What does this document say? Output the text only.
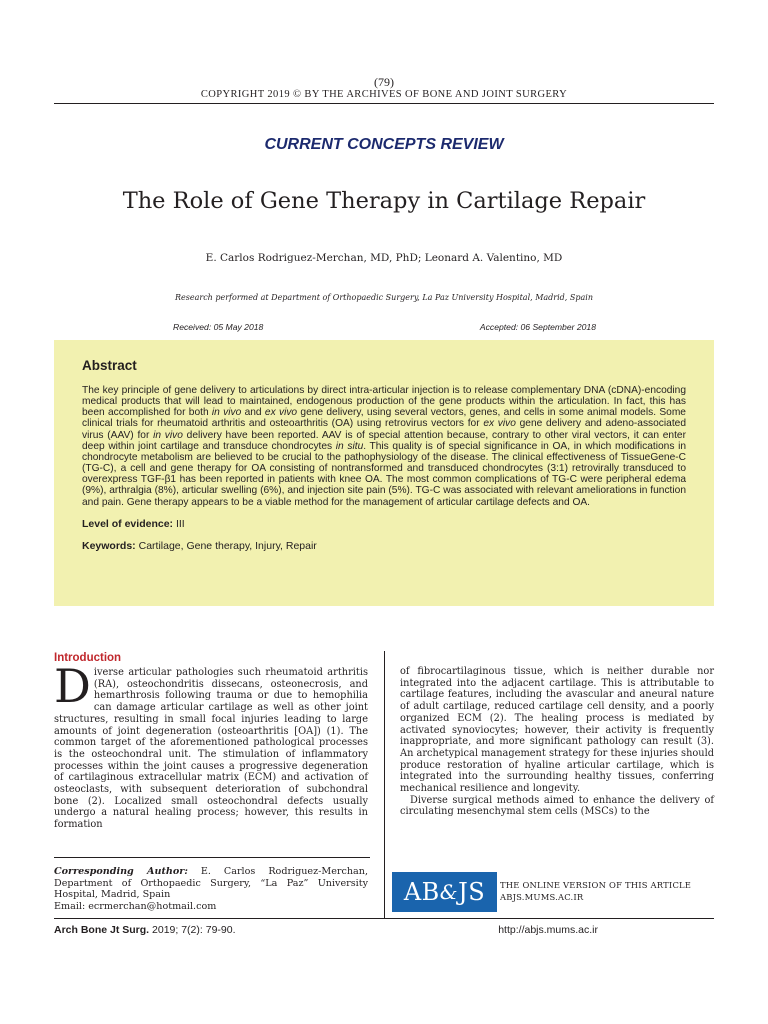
(79)
COPYRIGHT 2019 © BY THE ARCHIVES OF BONE AND JOINT SURGERY
CURRENT CONCEPTS REVIEW
The Role of Gene Therapy in Cartilage Repair
E. Carlos Rodriguez-Merchan, MD, PhD; Leonard A. Valentino, MD
Research performed at Department of Orthopaedic Surgery, La Paz University Hospital, Madrid, Spain
Received: 05 May 2018	Accepted: 06 September 2018
Abstract

The key principle of gene delivery to articulations by direct intra-articular injection is to release complementary DNA (cDNA)-encoding medical products that will lead to maintained, endogenous production of the gene products within the articulation. In fact, this has been accomplished for both in vivo and ex vivo gene delivery, using several vectors, genes, and cells in some animal models. Some clinical trials for rheumatoid arthritis and osteoarthritis (OA) using retrovirus vectors for ex vivo gene delivery and adeno-associated virus (AAV) for in vivo delivery have been reported. AAV is of special attention because, contrary to other viral vectors, it can enter deep within joint cartilage and transduce chondrocytes in situ. This quality is of special significance in OA, in which modifications in chondrocyte metabolism are believed to be crucial to the pathophysiology of the disease. The clinical effectiveness of TissueGene-C (TG-C), a cell and gene therapy for OA consisting of nontransformed and transduced chondrocytes (3:1) retrovirally transduced to overexpress TGF-β1 has been reported in patients with knee OA. The most common complications of TG-C were peripheral edema (9%), arthralgia (8%), articular swelling (6%), and injection site pain (5%). TG-C was associated with relevant ameliorations in function and pain. Gene therapy appears to be a viable method for the management of articular cartilage defects and OA.

Level of evidence: III
Keywords: Cartilage, Gene therapy, Injury, Repair
Introduction

Diverse articular pathologies such rheumatoid arthritis (RA), osteochondritis dissecans, osteonecrosis, and hemarthrosis following trauma or due to hemophilia can damage articular cartilage as well as other joint structures, resulting in small focal injuries leading to large amounts of joint degeneration (osteoarthritis [OA]) (1). The common target of the aforementioned pathological processes is the osteochondral unit. The stimulation of inflammatory processes within the joint causes a progressive degeneration of cartilaginous extracellular matrix (ECM) and activation of osteoclasts, with subsequent deterioration of subchondral bone (2). Localized small osteochondral defects usually undergo a natural healing process; however, this results in formation

of fibrocartilaginous tissue, which is neither durable nor integrated into the adjacent cartilage. This is attributable to cartilage features, including the avascular and aneural nature of adult cartilage, reduced cartilage cell density, and a poorly organized ECM (2). The healing process is mediated by activated synoviocytes; however, their activity is frequently inappropriate, and more significant pathology can result (3). An archetypical management strategy for these injuries should produce restoration of hyaline articular cartilage, which is integrated into the surrounding healthy tissues, conferring mechanical resilience and longevity.

Diverse surgical methods aimed to enhance the delivery of circulating mesenchymal stem cells (MSCs) to the

Corresponding Author: E. Carlos Rodriguez-Merchan, Department of Orthopaedic Surgery, “La Paz” University Hospital, Madrid, Spain
Email: ecrmerchan@hotmail.com
AB & JS THE ONLINE VERSION OF THIS ARTICLE
ABJS.MUMS.AC.IR
Arch Bone Jt Surg. 2019; 7(2): 79-90.	http://abjs.mums.ac.ir
